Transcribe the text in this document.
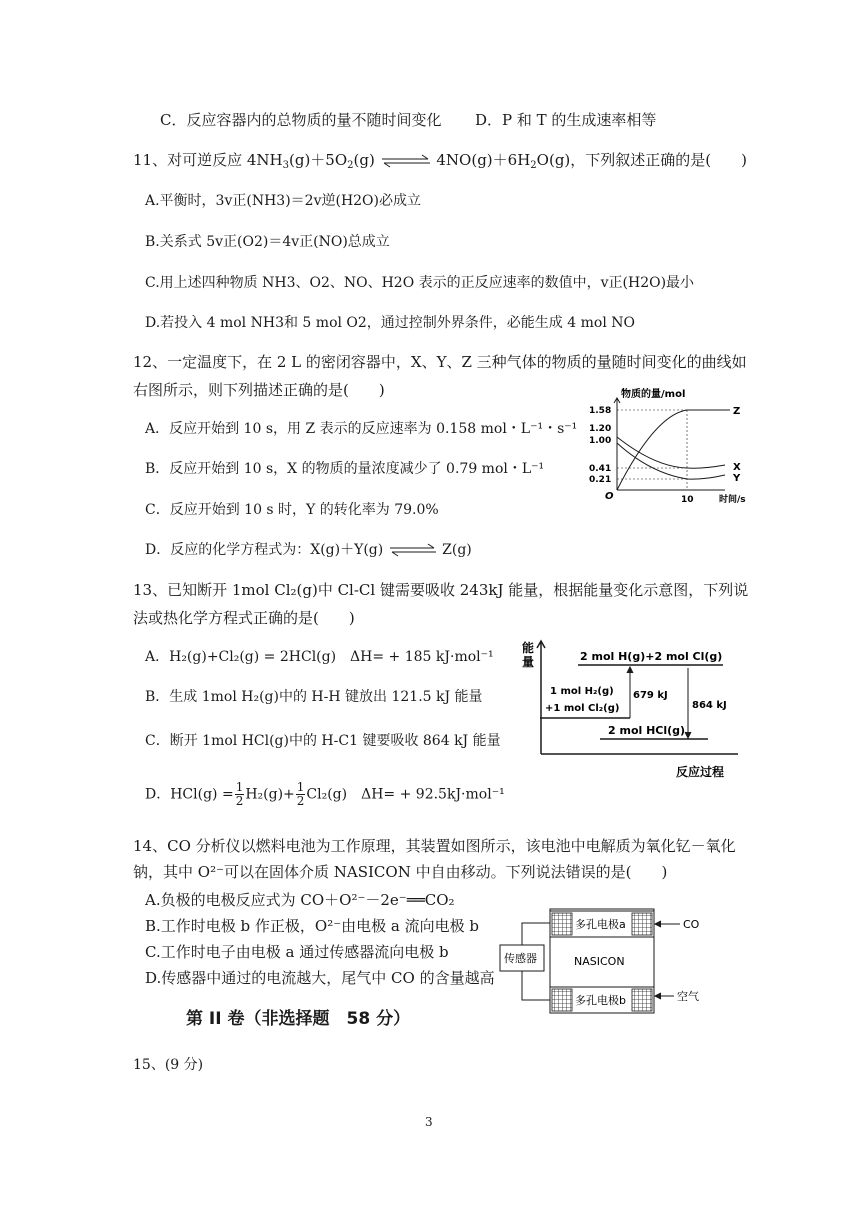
C．反应容器内的总物质的量不随时间变化 D．P 和 T 的生成速率相等
11、对可逆反应 $4NH_3(g)+5O_2(g)$ ⇌ $4NO(g)+6H_2O(g)$，下列叙述正确的是(　　)
A.平衡时，3v正(NH3)＝2v逆(H2O)必成立
B.关系式 5v正(O2)＝4v正(NO)总成立
C.用上述四种物质 NH3、O2、NO、H2O 表示的正反应速率的数值中，v正(H2O)最小
D.若投入 4 mol NH3和 5 mol O2，通过控制外界条件，必能生成 4 mol NO
12、一定温度下，在 2 L 的密闭容器中，X、Y、Z 三种气体的物质的量随时间变化的曲线如
右图所示，则下列描述正确的是(　　)
A．反应开始到 10 s，用 Z 表示的反应速率为 0.158 mol・L⁻¹・s⁻¹
B．反应开始到 10 s，X 的物质的量浓度减少了 0.79 mol・L⁻¹
C．反应开始到 10 s 时，Y 的转化率为 79.0%
D．反应的化学方程式为：X(g)＋Y(g) ⇌ Z(g)
物质的量/mol
1.58
1.20
1.00
0.41
0.21
O	10	时间/s
Z
X
Y
13、已知断开 1mol Cl₂(g)中 Cl-Cl 键需要吸收 243kJ 能量，根据能量变化示意图，下列说
法或热化学方程式正确的是(　　)
A．H₂(g)+Cl₂(g) = 2HCl(g)　ΔH= + 185 kJ·mol⁻¹
B．生成 1mol H₂(g)中的 H-H 键放出 121.5 kJ 能量
C．断开 1mol HCl(g)中的 H-C1 键要吸收 864 kJ 能量
D．$HCl(g) = \frac{1}{2} H_2(g)+ \frac{1}{2} Cl_2(g)$　ΔH= + 92.5kJ·mol⁻¹
能
量
反应过程
2 mol H(g)+2 mol Cl(g)
1 mol H₂(g)
+1 mol Cl₂(g)
2 mol HCl(g)
679 kJ
864 kJ
14、CO 分析仪以燃料电池为工作原理，其装置如图所示，该电池中电解质为氧化钇－氧化
钠，其中 O²⁻可以在固体介质 NASICON 中自由移动。下列说法错误的是(　　)
A.负极的电极反应式为 CO＋O²⁻－2e⁻══CO₂
B.工作时电极 b 作正极，O²⁻由电极 a 流向电极 b
C.工作时电子由电极 a 通过传感器流向电极 b
D.传感器中通过的电流越大，尾气中 CO 的含量越高
多孔电极a
多孔电极b
NASICON
传感器
CO
空气
第 II 卷（非选择题　58 分）
15、(9 分)
3
